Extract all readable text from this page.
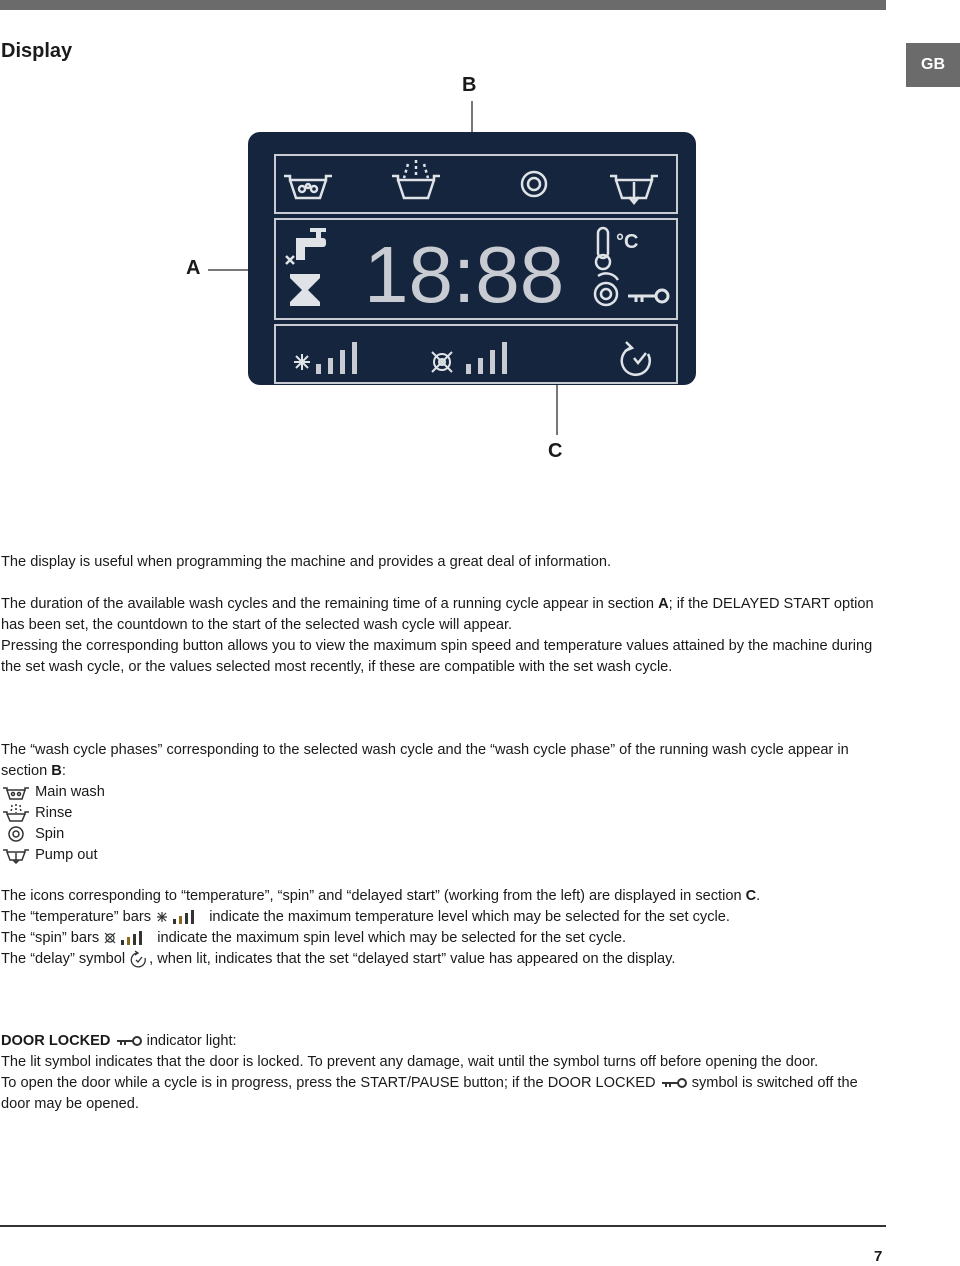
Display
GB
B
A
C
18:88	°C

The display is useful when programming the machine and provides a great deal of information.

The duration of the available wash cycles and the remaining time of a running cycle appear in section A; if the DELAYED START option has been set, the countdown to the start of the selected wash cycle will appear.

Pressing the corresponding button allows you to view the maximum spin speed and temperature values attained by the machine during the set wash cycle, or the values selected most recently, if these are compatible with the set wash cycle.

The “wash cycle phases” corresponding to the selected wash cycle and the “wash cycle phase” of the running wash cycle appear in section B:

Main wash

Rinse

Spin

Pump out

The icons corresponding to “temperature”, “spin” and “delayed start” (working from the left) are displayed in section C.

The “temperature” bars	indicate the maximum temperature level which may be selected for the set cycle.

The “spin” bars	indicate the maximum spin level which may be selected for the set cycle.

The “delay” symbol , when lit, indicates that the set “delayed start” value has appeared on the display.

DOOR LOCKED  indicator light:

The lit symbol indicates that the door is locked. To prevent any damage, wait until the symbol turns off before opening the door.

To open the door while a cycle is in progress, press the START/PAUSE button; if the DOOR LOCKED  symbol is switched off the door may be opened.

7
